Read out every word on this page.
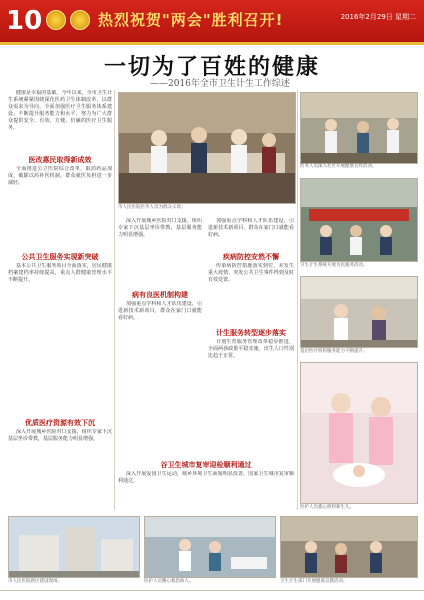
10	热烈祝贺"两会"胜利召开!	2016年2月29日 星期二
一切为了百姓的健康
——2016年全市卫生计生工作综述

健康是幸福的基础。今年以来，全市卫生计生系统紧紧围绕深化医药卫生体制改革，以群众需求为导向，全面加强医疗卫生服务体系建设，不断提升服务能力和水平，努力为广大群众提供安全、有效、方便、价廉的医疗卫生服务。

医改惠民取得新成效

全面推进公立医院综合改革，取消药品加成，破除以药补医机制，群众就医负担进一步减轻。

公共卫生服务实现新突破

基本公共卫生服务项目全面落实，居民健康档案建档率持续提高，重点人群健康管理水平不断提升。

优质医疗资源有效下沉

深入开展城乡医院对口支援，组织专家下沉基层坐诊带教，基层服务能力明显增强。

市人民医院医务人员为群众义诊。
医务人员深入社区开展健康宣传活动。
卫生计生系统开展为民服务活动。

深入开展城乡医院对口支援，组织专家下沉基层坐诊带教，基层服务能力明显增强。

加强重点学科和人才队伍建设，引进新技术新项目，群众在家门口就能看好病。

疾病防控安然不懈

传染病防控措施落实到位，未发生重大疫情，突发公共卫生事件得到及时有效处置。

病有良医机制构建

加强重点学科和人才队伍建设，引进新技术新项目，群众在家门口就能看好病。

基层医疗机构服务能力不断提升。
计生服务转型逐步落实

计划生育服务管理改革稳步推进，全面两孩政策平稳实施，出生人口性别比趋于正常。

医护人员悉心照料新生儿。
谷卫生城市复审迎检顺利通过

深入开展爱国卫生运动，城乡环境卫生面貌明显改善，国家卫生城市复审顺利通过。

市人民医院新区建设现场。	医护人员精心救治病人。	卫生计生部门开展健康宣教活动。
